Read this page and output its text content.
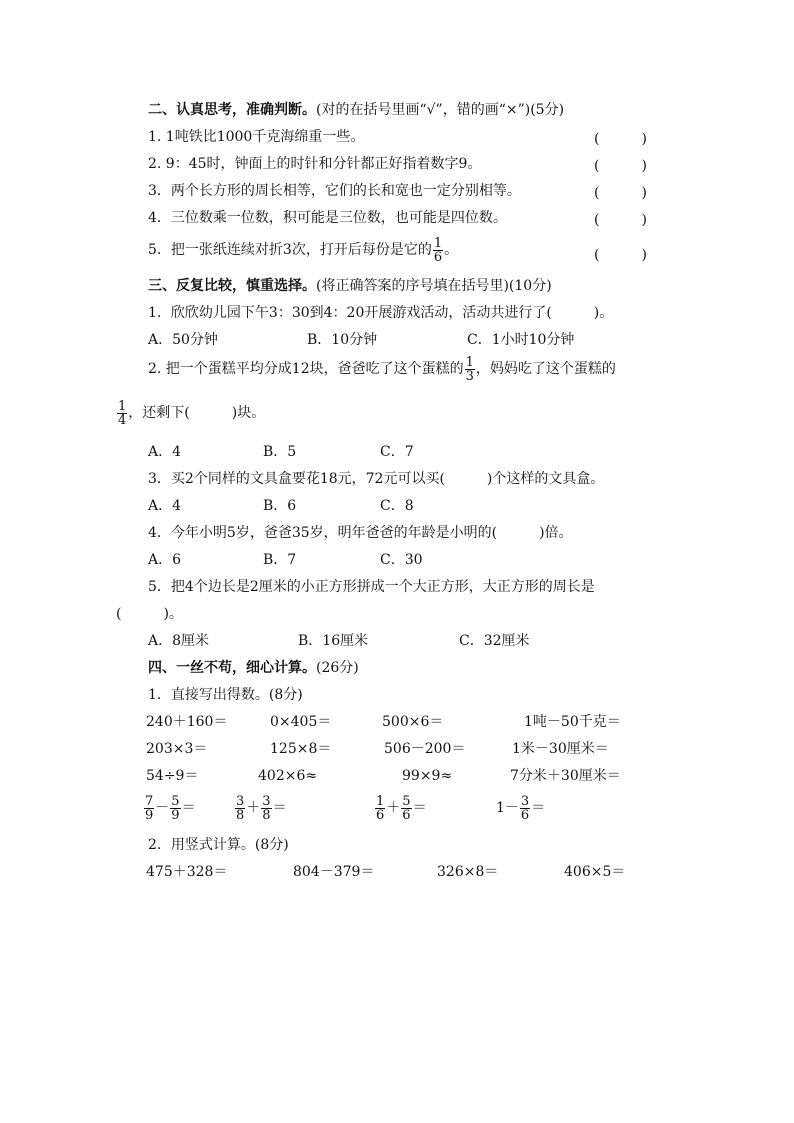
二、认真思考，准确判断。(对的在括号里画“√”，错的画“×”)(5分)
1. 1吨铁比1000千克海绵重一些。	(　　　)
2. 9：45时，钟面上的时针和分针都正好指着数字9。	(　　　)
3．两个长方形的周长相等，它们的长和宽也一定分别相等。	(　　　)
4．三位数乘一位数，积可能是三位数，也可能是四位数。	(　　　)
5．把一张纸连续对折3次，打开后每份是它的 $\frac{1}{6}$ 。	(　　　)
三、反复比较，慎重选择。(将正确答案的序号填在括号里)(10分)
1．欣欣幼儿园下午3：30到4：20开展游戏活动，活动共进行了(　　　)。
A．50分钟	B．10分钟	C．1小时10分钟
2. 把一个蛋糕平均分成12块，爸爸吃了这个蛋糕的 $\frac{1}{3}$ ，妈妈吃了这个蛋糕的
$\frac{1}{4}$ ，还剩下(　　　)块。
A．4	B．5	C．7
3．买2个同样的文具盒要花18元，72元可以买(　　　)个这样的文具盒。
A．4	B．6	C．8
4．今年小明5岁，爸爸35岁，明年爸爸的年龄是小明的(　　　)倍。
A．6	B．7	C．30
5．把4个边长是2厘米的小正方形拼成一个大正方形，大正方形的周长是
(　　　)。
A．8厘米	B．16厘米	C．32厘米
四、一丝不苟，细心计算。(26分)
1．直接写出得数。(8分)
240＋160＝	0×405＝	500×6＝	1吨－50千克＝
203×3＝	125×8＝	506－200＝	1米－30厘米＝
54÷9＝	402×6≈	99×9≈	7分米＋30厘米＝
$\frac{7}{9} - \frac{5}{9}$ ＝	$\frac{3}{8} + \frac{3}{8}$ ＝	$\frac{1}{6} + \frac{5}{6}$ ＝	$1- \frac{3}{6}$ ＝
2．用竖式计算。(8分)
475＋328＝	804－379＝	326×8＝	406×5＝
